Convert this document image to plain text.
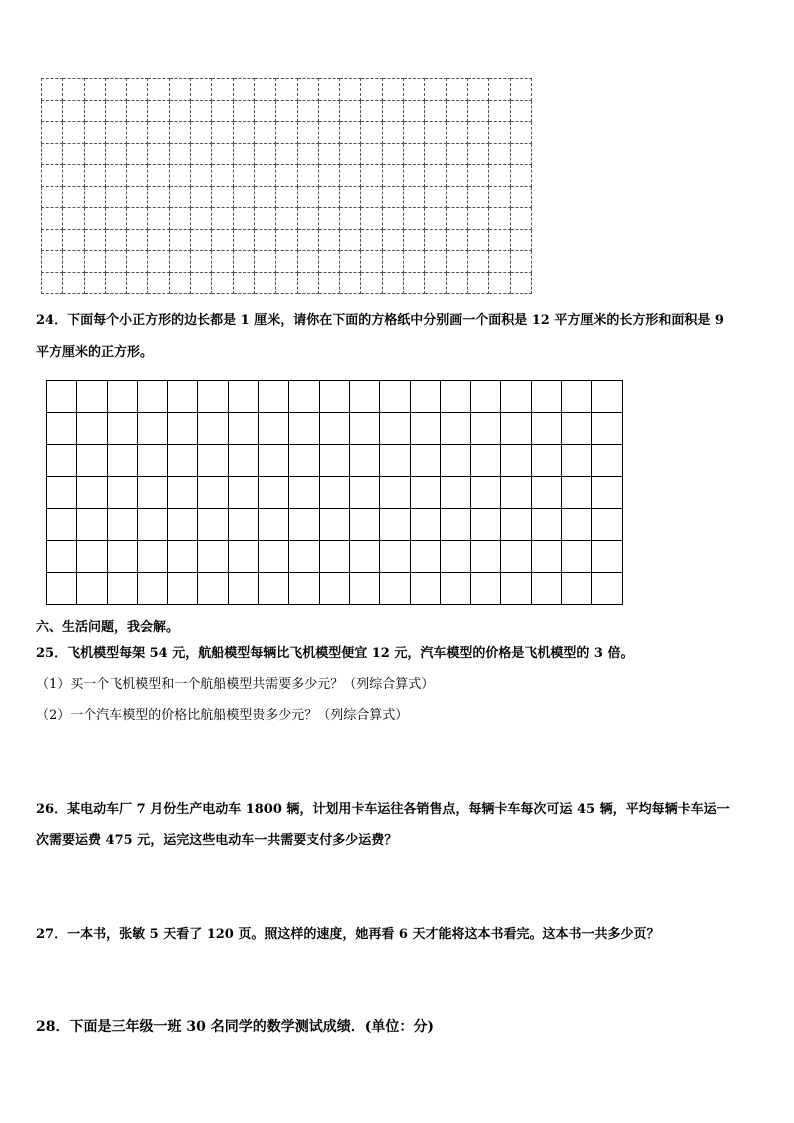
24．下面每个小正方形的边长都是 1 厘米，请你在下面的方格纸中分别画一个面积是 12 平方厘米的长方形和面积是 9
平方厘米的正方形。

六、生活问题，我会解。
25．飞机模型每架 54 元，航船模型每辆比飞机模型便宜 12 元，汽车模型的价格是飞机模型的 3 倍。
（1）买一个飞机模型和一个航船模型共需要多少元？（列综合算式）
（2）一个汽车模型的价格比航船模型贵多少元？（列综合算式）
26．某电动车厂 7 月份生产电动车 1800 辆，计划用卡车运往各销售点，每辆卡车每次可运 45 辆，平均每辆卡车运一
次需要运费 475 元，运完这些电动车一共需要支付多少运费？
27．一本书，张敏 5 天看了 120 页。照这样的速度，她再看 6 天才能将这本书看完。这本书一共多少页？
28．下面是三年级一班 30 名同学的数学测试成绩．(单位：分)
